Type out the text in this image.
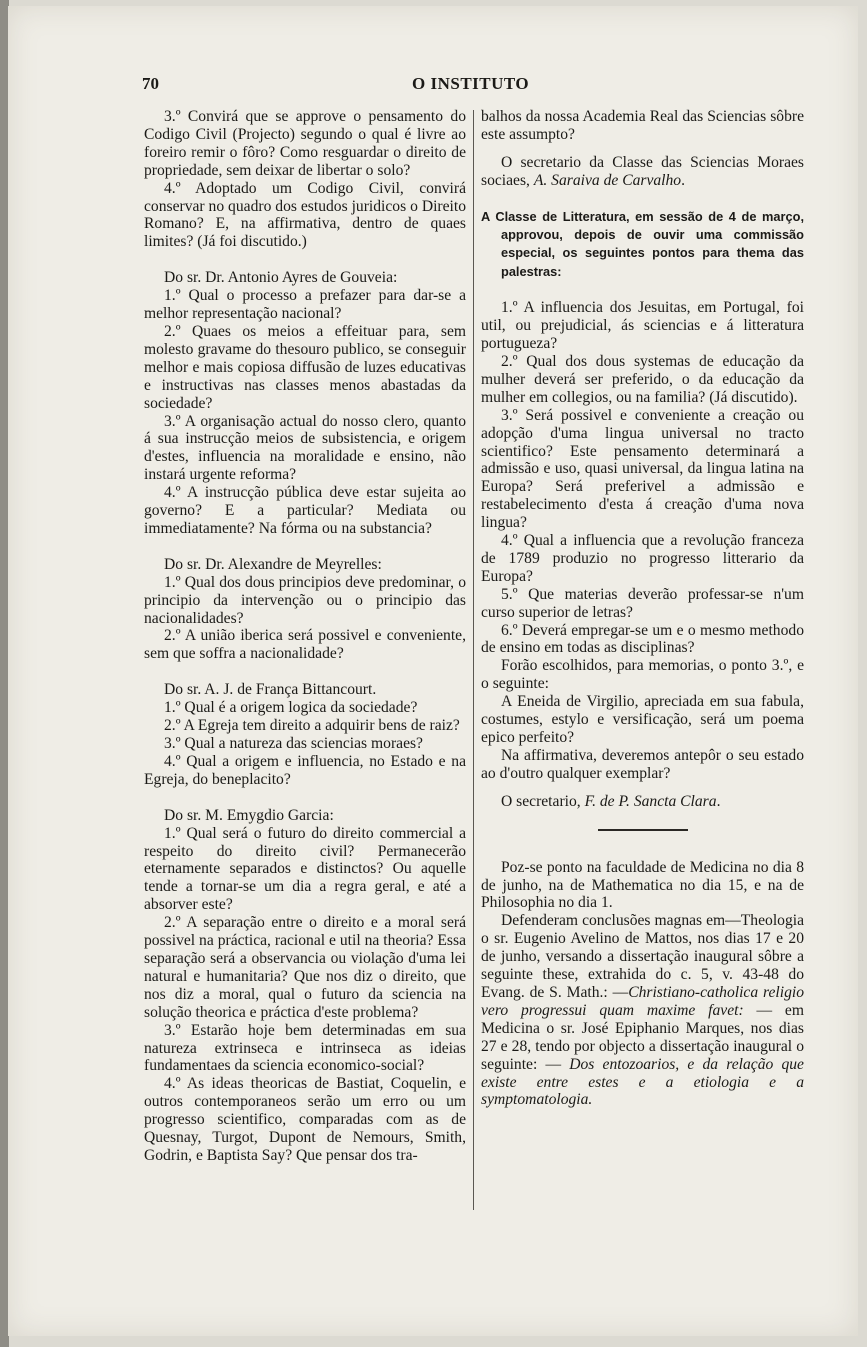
70	O INSTITUTO

3.º Convirá que se approve o pensamento do Codigo Civil (Projecto) segundo o qual é livre ao foreiro remir o fôro? Como resguardar o direito de propriedade, sem deixar de libertar o solo?

4.º Adoptado um Codigo Civil, convirá conservar no quadro dos estudos juridicos o Direito Romano? E, na affirmativa, dentro de quaes limites? (Já foi discutido.)

Do sr. Dr. Antonio Ayres de Gouveia:

1.º Qual o processo a prefazer para dar-se a melhor representação nacional?

2.º Quaes os meios a effeituar para, sem molesto gravame do thesouro publico, se conseguir melhor e mais copiosa diffusão de luzes educativas e instructivas nas classes menos abastadas da sociedade?

3.º A organisação actual do nosso clero, quanto á sua instrucção meios de subsistencia, e origem d'estes, influencia na moralidade e ensino, não instará urgente reforma?

4.º A instrucção pública deve estar sujeita ao governo? E a particular? Mediata ou immediatamente? Na fórma ou na substancia?

Do sr. Dr. Alexandre de Meyrelles:

1.º Qual dos dous principios deve predominar, o principio da intervenção ou o principio das nacionalidades?

2.º A união iberica será possivel e conveniente, sem que soffra a nacionalidade?

Do sr. A. J. de França Bittancourt.

1.º Qual é a origem logica da sociedade?

2.º A Egreja tem direito a adquirir bens de raiz?

3.º Qual a natureza das sciencias moraes?

4.º Qual a origem e influencia, no Estado e na Egreja, do beneplacito?

Do sr. M. Emygdio Garcia:

1.º Qual será o futuro do direito commercial a respeito do direito civil? Permanecerão eternamente separados e distinctos? Ou aquelle tende a tornar-se um dia a regra geral, e até a absorver este?

2.º A separação entre o direito e a moral será possivel na práctica, racional e util na theoria? Essa separação será a observancia ou violação d'uma lei natural e humanitaria? Que nos diz o direito, que nos diz a moral, qual o futuro da sciencia na solução theorica e práctica d'este problema?

3.º Estarão hoje bem determinadas em sua natureza extrinseca e intrinseca as ideias fundamentaes da sciencia economico-social?

4.º As ideas theoricas de Bastiat, Coquelin, e outros contemporaneos serão um erro ou um progresso scientifico, comparadas com as de Quesnay, Turgot, Dupont de Nemours, Smith, Godrin, e Baptista Say? Que pensar dos tra-

balhos da nossa Academia Real das Sciencias sôbre este assumpto?

O secretario da Classe das Sciencias Moraes sociaes, A. Saraiva de Carvalho.

A Classe de Litteratura, em sessão de 4 de março, approvou, depois de ouvir uma commissão especial, os seguintes pontos para thema das palestras:

1.º A influencia dos Jesuitas, em Portugal, foi util, ou prejudicial, ás sciencias e á litteratura portugueza?

2.º Qual dos dous systemas de educação da mulher deverá ser preferido, o da educação da mulher em collegios, ou na familia? (Já discutido).

3.º Será possivel e conveniente a creação ou adopção d'uma lingua universal no tracto scientifico? Este pensamento determinará a admissão e uso, quasi universal, da lingua latina na Europa? Será preferivel a admissão e restabelecimento d'esta á creação d'uma nova lingua?

4.º Qual a influencia que a revolução franceza de 1789 produzio no progresso litterario da Europa?

5.º Que materias deverão professar-se n'um curso superior de letras?

6.º Deverá empregar-se um e o mesmo methodo de ensino em todas as disciplinas?

Forão escolhidos, para memorias, o ponto 3.º, e o seguinte:

A Eneida de Virgilio, apreciada em sua fabula, costumes, estylo e versificação, será um poema epico perfeito?

Na affirmativa, deveremos antepôr o seu estado ao d'outro qualquer exemplar?

O secretario, F. de P. Sancta Clara.

Poz-se ponto na faculdade de Medicina no dia 8 de junho, na de Mathematica no dia 15, e na de Philosophia no dia 1.

Defenderam conclusões magnas em—Theologia o sr. Eugenio Avelino de Mattos, nos dias 17 e 20 de junho, versando a dissertação inaugural sôbre a seguinte these, extrahida do c. 5, v. 43-48 do Evang. de S. Math.: —Christiano-catholica religio vero progressui quam maxime favet: — em Medicina o sr. José Epiphanio Marques, nos dias 27 e 28, tendo por objecto a dissertação inaugural o seguinte: — Dos entozoarios, e da relação que existe entre estes e a etiologia e a symptomatologia.
